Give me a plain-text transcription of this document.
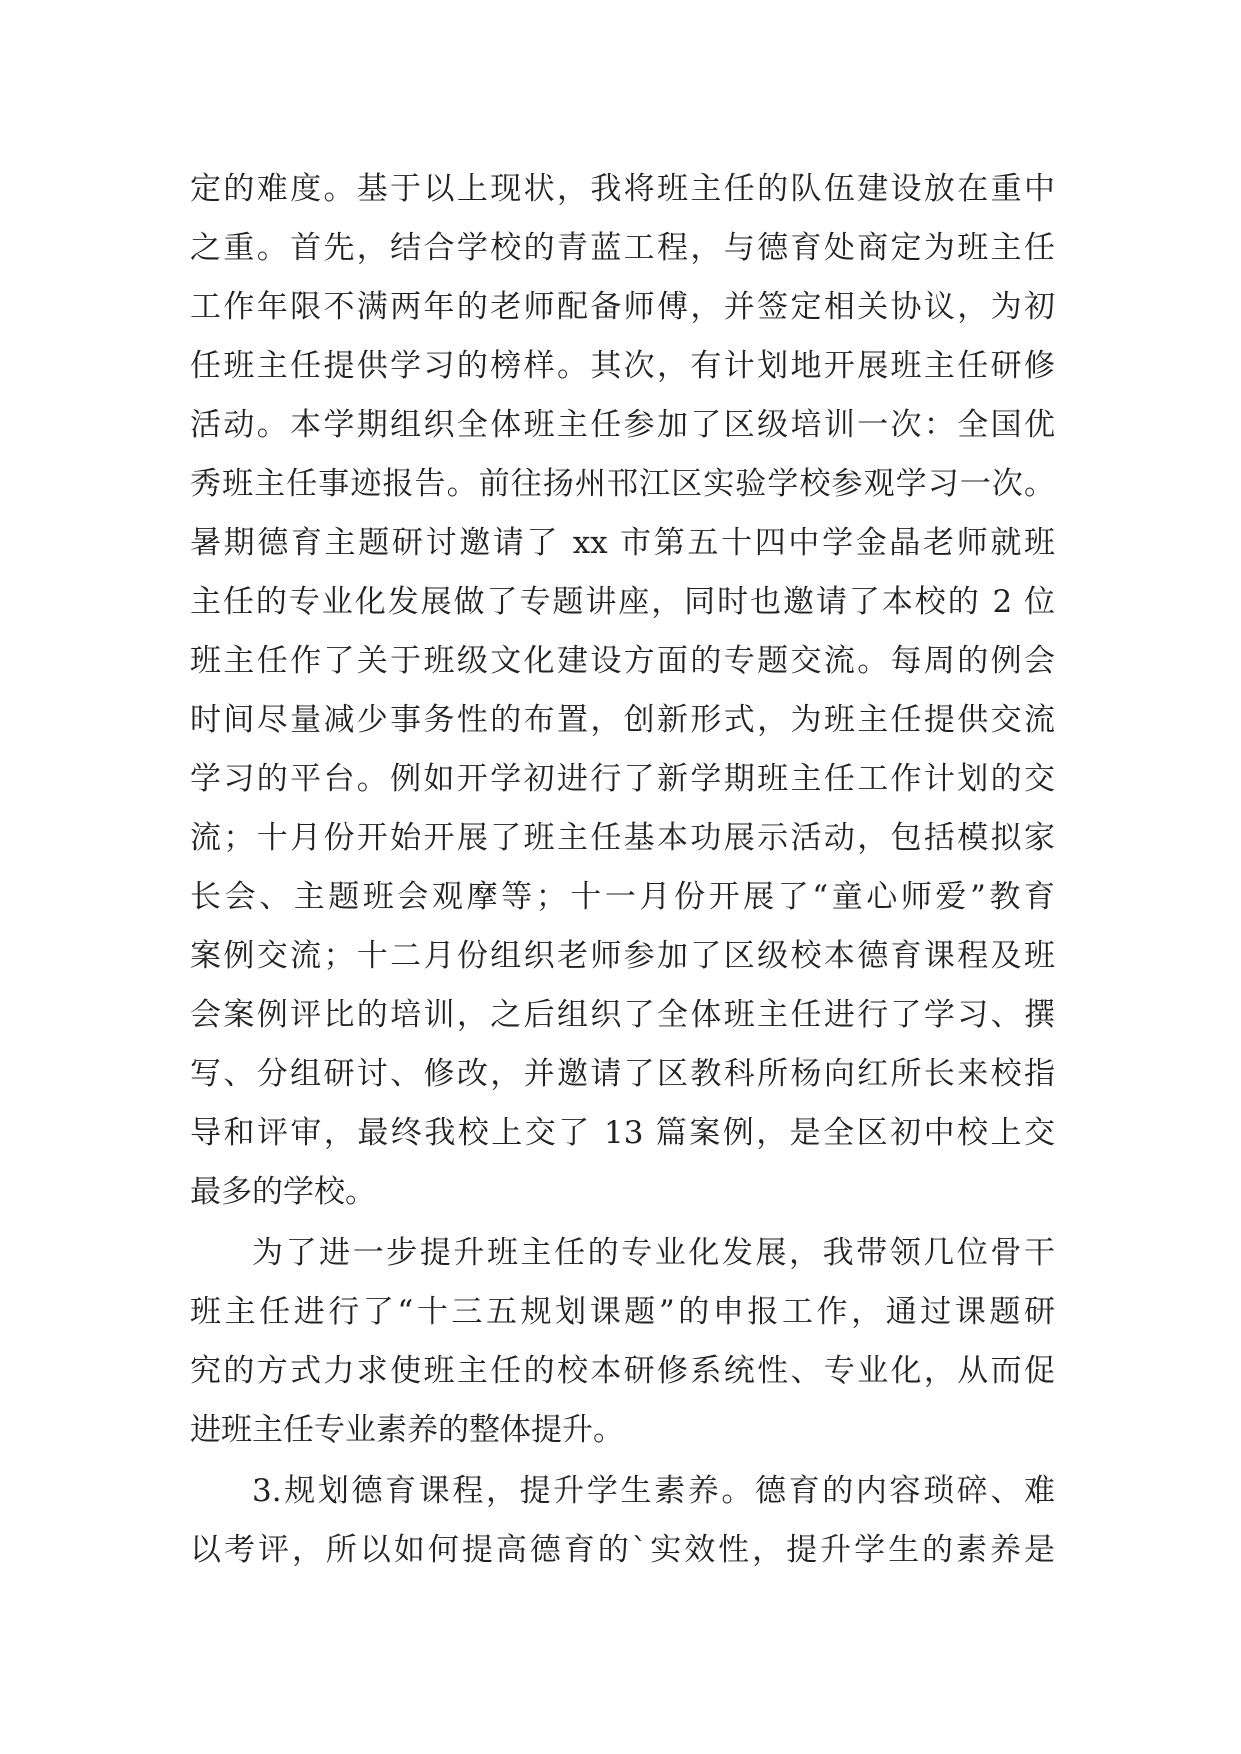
定的难度。基于以上现状，我将班主任的队伍建设放在重中
之重。首先，结合学校的青蓝工程，与德育处商定为班主任
工作年限不满两年的老师配备师傅，并签定相关协议，为初
任班主任提供学习的榜样。其次，有计划地开展班主任研修
活动。本学期组织全体班主任参加了区级培训一次：全国优
秀班主任事迹报告。前往扬州邗江区实验学校参观学习一次。
暑期德育主题研讨邀请了 xx 市第五十四中学金晶老师就班
主任的专业化发展做了专题讲座，同时也邀请了本校的 2 位
班主任作了关于班级文化建设方面的专题交流。每周的例会
时间尽量减少事务性的布置，创新形式，为班主任提供交流
学习的平台。例如开学初进行了新学期班主任工作计划的交
流；十月份开始开展了班主任基本功展示活动，包括模拟家
长会、主题班会观摩等；十一月份开展了“童心师爱”教育
案例交流；十二月份组织老师参加了区级校本德育课程及班
会案例评比的培训，之后组织了全体班主任进行了学习、撰
写、分组研讨、修改，并邀请了区教科所杨向红所长来校指
导和评审，最终我校上交了 13 篇案例，是全区初中校上交
最多的学校。
为了进一步提升班主任的专业化发展，我带领几位骨干
班主任进行了“十三五规划课题”的申报工作，通过课题研
究的方式力求使班主任的校本研修系统性、专业化，从而促
进班主任专业素养的整体提升。
3.规划德育课程，提升学生素养。德育的内容琐碎、难
以考评，所以如何提高德育的`实效性，提升学生的素养是
